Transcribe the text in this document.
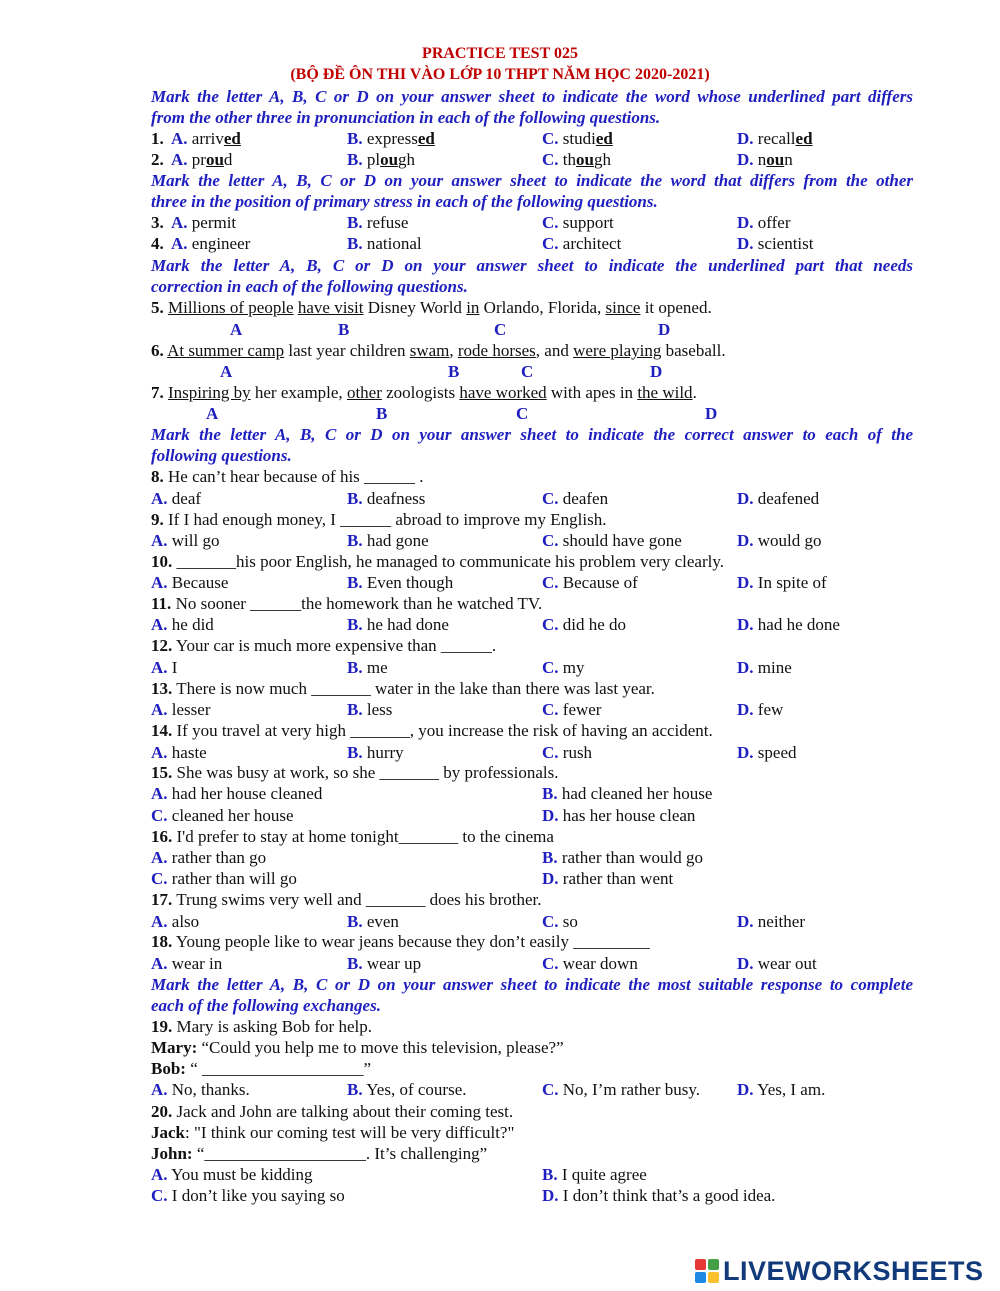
PRACTICE TEST 025
(BỘ ĐỀ ÔN THI VÀO LỚP 10 THPT NĂM HỌC 2020-2021)
Mark the letter A, B, C or D on your answer sheet to indicate the word whose underlined part differs
from the other three in pronunciation in each of the following questions.
1. A. arrived	B. expressed	C. studied	D. recalled
2. A. proud	B. plough	C. though	D. noun
Mark the letter A, B, C or D on your answer sheet to indicate the word that differs from the other
three in the position of primary stress in each of the following questions.
3. A. permit	B. refuse	C. support	D. offer
4. A. engineer	B. national	C. architect	D. scientist
Mark the letter A, B, C or D on your answer sheet to indicate the underlined part that needs
correction in each of the following questions.
5. Millions of people have visit Disney World in Orlando, Florida, since it opened.
A	B	C	D
6. At summer camp last year children swam, rode horses, and were playing baseball.
A	B	C	D
7. Inspiring by her example, other zoologists have worked with apes in the wild.
A	B	C	D
Mark the letter A, B, C or D on your answer sheet to indicate the correct answer to each of the
following questions.
8. He can’t hear because of his ______ .
A. deaf	B. deafness	C. deafen	D. deafened
9. If I had enough money, I ______ abroad to improve my English.
A. will go	B. had gone	C. should have gone	D. would go
10. _______his poor English, he managed to communicate his problem very clearly.
A. Because	B. Even though	C. Because of	D. In spite of
11. No sooner ______the homework than he watched TV.
A. he did	B. he had done	C. did he do	D. had he done
12. Your car is much more expensive than ______.
A. I	B. me	C. my	D. mine
13. There is now much _______ water in the lake than there was last year.
A. lesser	B. less	C. fewer	D. few
14. If you travel at very high _______, you increase the risk of having an accident.
A. haste	B. hurry	C. rush	D. speed
15. She was busy at work, so she _______ by professionals.
A. had her house cleaned	B. had cleaned her house
C. cleaned her house	D. has her house clean
16. I'd prefer to stay at home tonight_______ to the cinema
A. rather than go	B. rather than would go
C. rather than will go	D. rather than went
17. Trung swims very well and _______ does his brother.
A. also	B. even	C. so	D. neither
18. Young people like to wear jeans because they don’t easily _________
A. wear in	B. wear up	C. wear down	D. wear out
Mark the letter A, B, C or D on your answer sheet to indicate the most suitable response to complete
each of the following exchanges.
19. Mary is asking Bob for help.
Mary: “Could you help me to move this television, please?”
Bob: “ ___________________”
A. No, thanks.	B. Yes, of course.	C. No, I’m rather busy. D. Yes, I am.
20. Jack and John are talking about their coming test.
Jack: "I think our coming test will be very difficult?"
John: “___________________. It’s challenging”
A. You must be kidding	B. I quite agree
C. I don’t like you saying so	D. I don’t think that’s a good idea.
LIVEWORKSHEETS
